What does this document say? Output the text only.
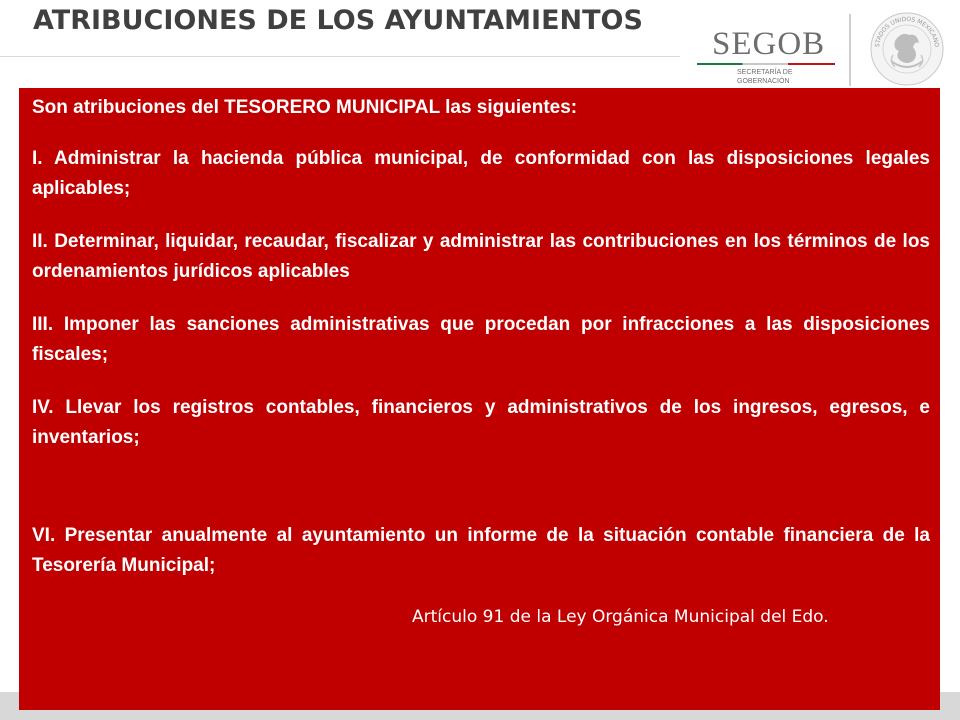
ATRIBUCIONES DE LOS AYUNTAMIENTOS
SEGOB
SECRETARÍA DE
GOBERNACIÓN
STADOS UNIDOS MEXICANO

Son atribuciones del TESORERO MUNICIPAL las siguientes:

I. Administrar la hacienda pública municipal, de conformidad con las disposiciones legales aplicables;

II. Determinar, liquidar, recaudar, fiscalizar y administrar las contribuciones en los términos de los ordenamientos jurídicos aplicables

III. Imponer las sanciones administrativas que procedan por infracciones a las disposiciones fiscales;

IV. Llevar los registros contables, financieros y administrativos de los ingresos, egresos, e inventarios;

VI. Presentar anualmente al ayuntamiento un informe de la situación contable financiera de la Tesorería Municipal;

Artículo 91 de la Ley Orgánica Municipal del Edo.
